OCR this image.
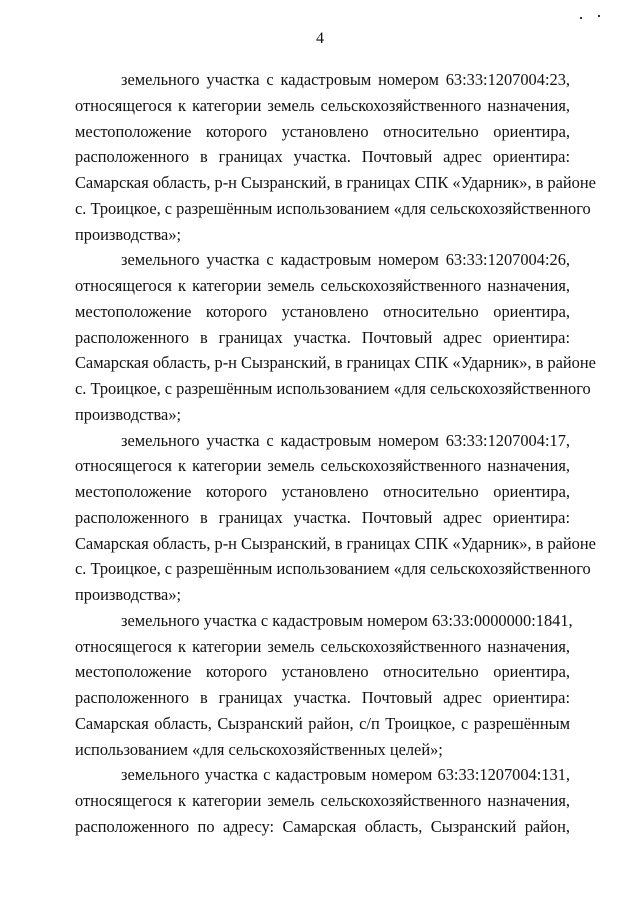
4
земельного участка с кадастровым номером 63:33:1207004:23,
относящегося к категории земель сельскохозяйственного назначения,
местоположение которого установлено относительно ориентира,
расположенного в границах участка. Почтовый адрес ориентира:
Самарская область, р-н Сызранский, в границах СПК «Ударник», в районе
с. Троицкое, с разрешённым использованием «для сельскохозяйственного
производства»;
земельного участка с кадастровым номером 63:33:1207004:26,
относящегося к категории земель сельскохозяйственного назначения,
местоположение которого установлено относительно ориентира,
расположенного в границах участка. Почтовый адрес ориентира:
Самарская область, р-н Сызранский, в границах СПК «Ударник», в районе
с. Троицкое, с разрешённым использованием «для сельскохозяйственного
производства»;
земельного участка с кадастровым номером 63:33:1207004:17,
относящегося к категории земель сельскохозяйственного назначения,
местоположение которого установлено относительно ориентира,
расположенного в границах участка. Почтовый адрес ориентира:
Самарская область, р-н Сызранский, в границах СПК «Ударник», в районе
с. Троицкое, с разрешённым использованием «для сельскохозяйственного
производства»;
земельного участка с кадастровым номером 63:33:0000000:1841,
относящегося к категории земель сельскохозяйственного назначения,
местоположение которого установлено относительно ориентира,
расположенного в границах участка. Почтовый адрес ориентира:
Самарская область, Сызранский район, с/п Троицкое, с разрешённым
использованием «для сельскохозяйственных целей»;
земельного участка с кадастровым номером 63:33:1207004:131,
относящегося к категории земель сельскохозяйственного назначения,
расположенного по адресу: Самарская область, Сызранский район,
